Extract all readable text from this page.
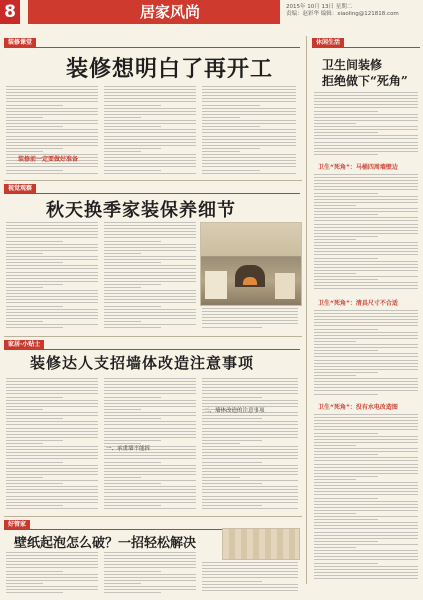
8	居家风尚	2015年 10月 13日 星期二
责编：赵彩华 编辑：xiaoling@121818.com
装修课堂
装修想明白了再开工
装修前一定要做好准备
休闲生活
卫生间装修
拒绝做下“死角”
卫生“死角”：马桶四周墙壁边
卫生“死角”：清具尺寸不合适
卫生“死角”：没有水电改造图
视觉观察
秋天换季家装保养细节
家居·小贴士
装修达人支招墙体改造注意事项
一、承重墙不能拆
二、墙体改造的注意事项
好管家
壁纸起泡怎么破？一招轻松解决
